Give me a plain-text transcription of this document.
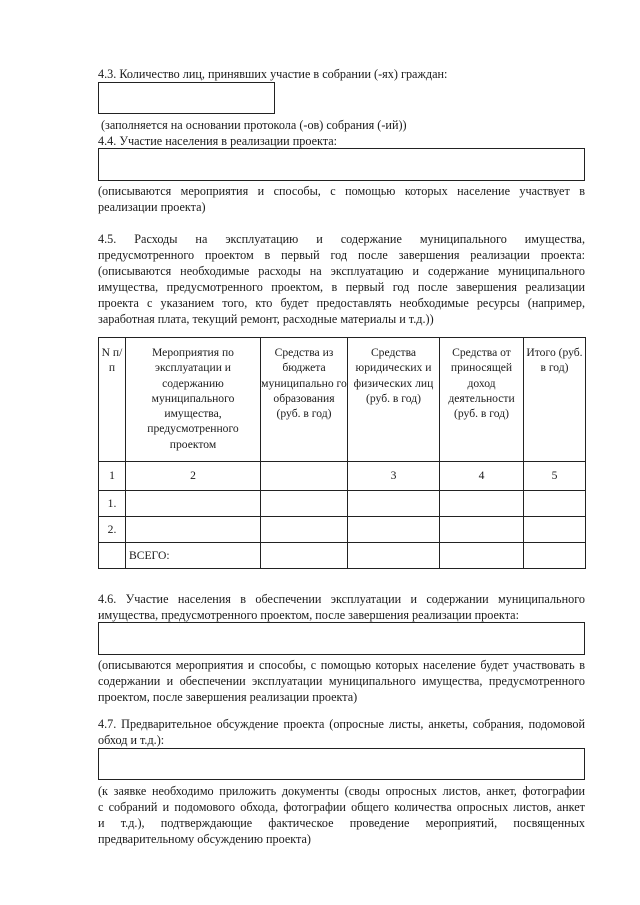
4.3. Количество лиц, принявших участие в собрании (-ях) граждан:

(заполняется на основании протокола (-ов) собрания (-ий))

4.4. Участие населения в реализации проекта:

(описываются мероприятия и способы, с помощью которых население участвует в

реализации проекта)

4.5. Расходы на эксплуатацию и содержание муниципального имущества,

предусмотренного проектом в первый год после завершения реализации проекта:

(описываются необходимые расходы на эксплуатацию и содержание муниципального

имущества, предусмотренного проектом, в первый год после завершения реализации

проекта с указанием того, кто будет предоставлять необходимые ресурсы (например,

заработная плата, текущий ремонт, расходные материалы и т.д.))

N п/п	Мероприятия по эксплуатации и содержанию муниципального имущества, предусмотренного проектом	Средства из бюджета муниципально го образования (руб. в год)	Средства юридических и физических лиц (руб. в год)	Средства от приносящей доход деятельности (руб. в год)	Итого (руб. в год)
1	2		3	4	5
1.					
2.					
	ВСЕГО:				

4.6. Участие населения в обеспечении эксплуатации и содержании муниципального

имущества, предусмотренного проектом, после завершения реализации проекта:

(описываются мероприятия и способы, с помощью которых население будет участвовать в

содержании и обеспечении эксплуатации муниципального имущества, предусмотренного

проектом, после завершения реализации проекта)

4.7. Предварительное обсуждение проекта (опросные листы, анкеты, собрания, подомовой

обход и т.д.):

(к заявке необходимо приложить документы (своды опросных листов, анкет, фотографии

с собраний и подомового обхода, фотографии общего количества опросных листов, анкет

и т.д.), подтверждающие фактическое проведение мероприятий, посвященных

предварительному обсуждению проекта)
